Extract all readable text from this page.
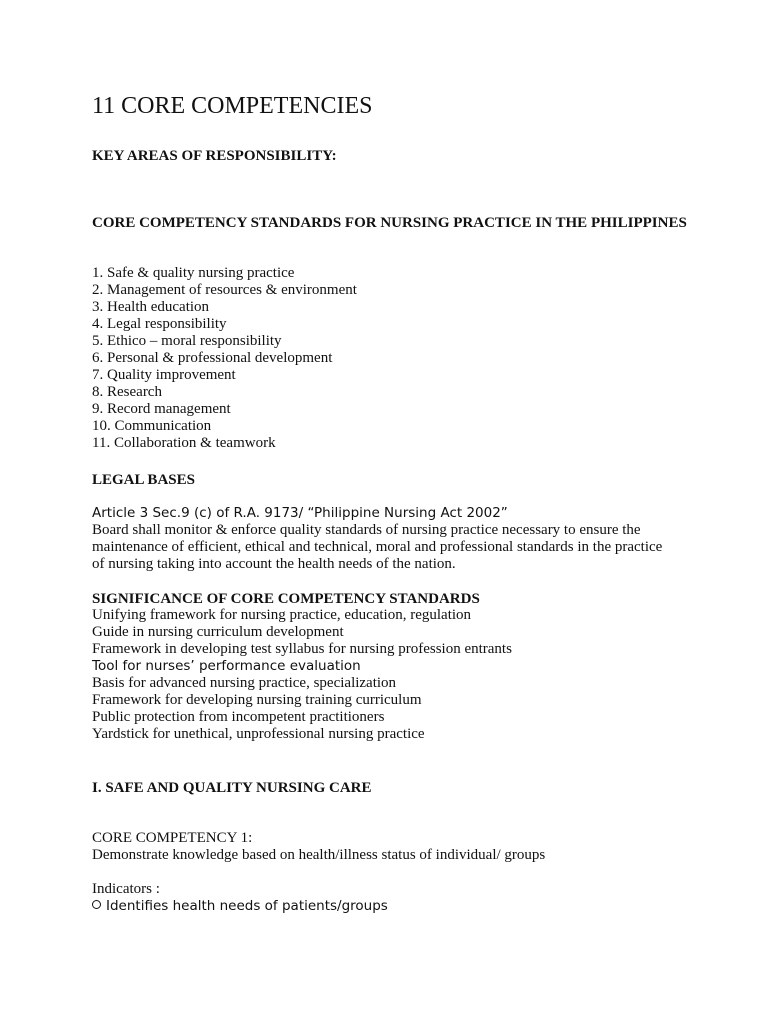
11 CORE COMPETENCIES
KEY AREAS OF RESPONSIBILITY:
CORE COMPETENCY STANDARDS FOR NURSING PRACTICE IN THE PHILIPPINES
1. Safe & quality nursing practice
2. Management of resources & environment
3. Health education
4. Legal responsibility
5. Ethico – moral responsibility
6. Personal & professional development
7. Quality improvement
8. Research
9. Record management
10. Communication
11. Collaboration & teamwork
LEGAL BASES
Article 3 Sec.9 (c) of R.A. 9173/ “Philippine Nursing Act 2002”
Board shall monitor & enforce quality standards of nursing practice necessary to ensure the maintenance of efficient, ethical and technical, moral and professional standards in the practice of nursing taking into account the health needs of the nation.
SIGNIFICANCE OF CORE COMPETENCY STANDARDS
Unifying framework for nursing practice, education, regulation
Guide in nursing curriculum development
Framework in developing test syllabus for nursing profession entrants
Tool for nurses’ performance evaluation
Basis for advanced nursing practice, specialization
Framework for developing nursing training curriculum
Public protection from incompetent practitioners
Yardstick for unethical, unprofessional nursing practice
I. SAFE AND QUALITY NURSING CARE
CORE COMPETENCY 1:
Demonstrate knowledge based on health/illness status of individual/ groups
Indicators :
Identifies health needs of patients/groups
